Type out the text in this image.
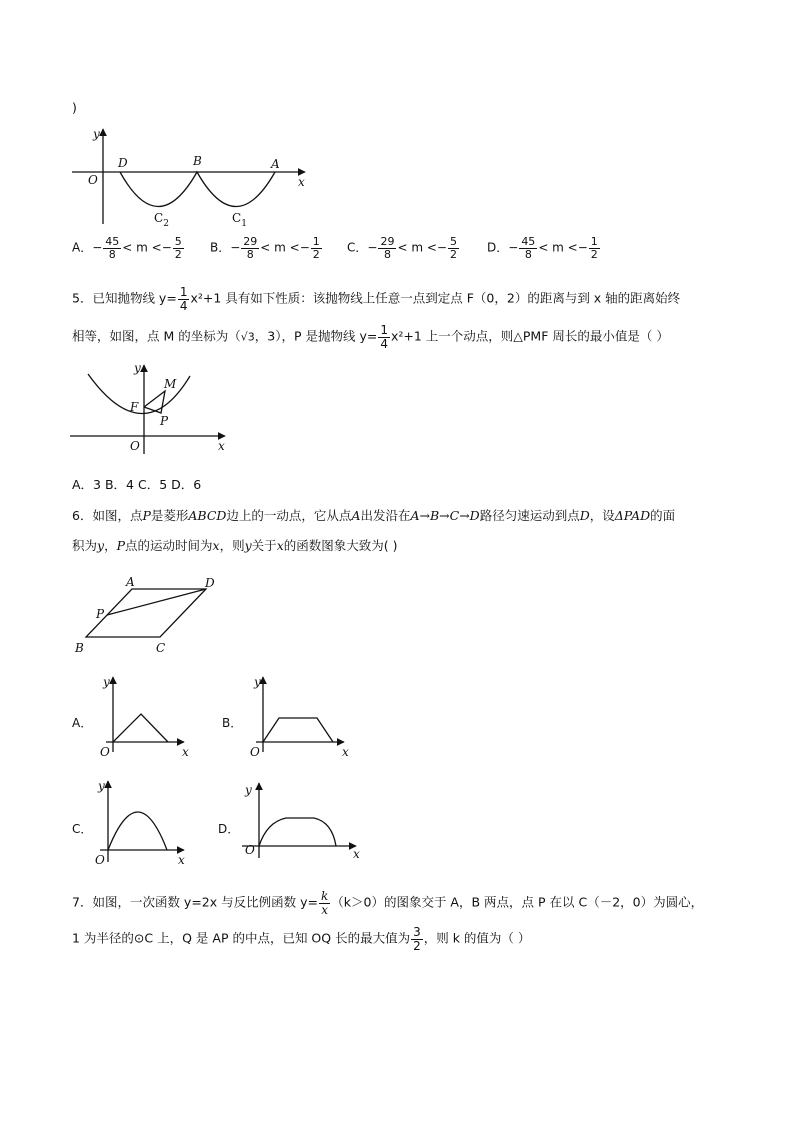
)
y
x
O
D	B	A
$C_2$	$C_1$
A．− $\frac{45}{8} < m <- \frac{5}{2}$ B．− $\frac{29}{8} < m <- \frac{1}{2}$ C．− $\frac{29}{8} < m <- \frac{5}{2}$ D．− $\frac{45}{8} < m <- \frac{1}{2}$
5．已知抛物线 $y= \frac{1}{4} x^2+1$ 具有如下性质：该抛物线上任意一点到定点 F（0，2）的距离与到 x 轴的距离始终
相等，如图，点 M 的坐标为（√3，3），P 是抛物线 $y= \frac{1}{4} x^2+1$ 上一个动点，则△PMF 周长的最小值是（ ）
y
x
O
F
M
P
A．3 B．4 C．5 D．6
6．如图，点P是菱形ABCD边上的一动点，它从点A出发沿在A→B→C→D路径匀速运动到点D，设ΔPAD的面
积为y，P点的运动时间为x，则y关于x的函数图象大致为( )
A	D
P
B	C
A．
y
x
O
B．
y
x
O
C．
y
x
O
D．
y
x
O
7．如图，一次函数 y=2x 与反比例函数 $y= \frac{k}{x} (k>0)$的图象交于 A，B 两点，点 P 在以 C（－2，0）为圆心，
1 为半径的⊙C 上，Q 是 AP 的中点，已知 OQ 长的最大值为 $\frac{3}{2}$ ，则 k 的值为（ ）
